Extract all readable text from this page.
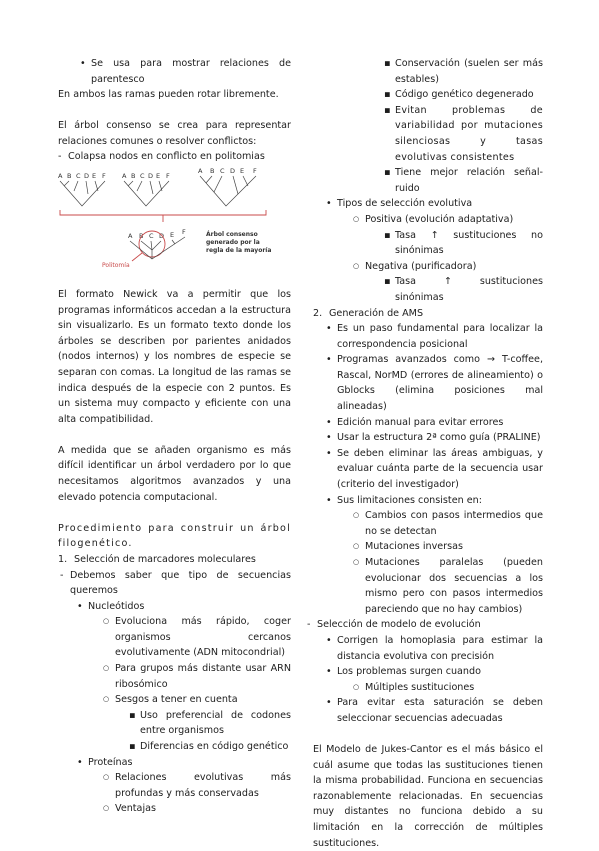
• Se usa para mostrar relaciones de parentesco

En ambos las ramas pueden rotar libremente.

El árbol consenso se crea para representar relaciones comunes o resolver conflictos:

- Colapsa nodos en conflicto en politomias
A B C D E F	A B C D E F
A B C D E F
A B C D E F	Árbol consenso
generado por la
regla de la mayoría
Politomía

El formato Newick va a permitir que los programas informáticos accedan a la estructura sin visualizarlo. Es un formato texto donde los árboles se describen por parientes anidados (nodos internos) y los nombres de especie se separan con comas. La longitud de las ramas se indica después de la especie con 2 puntos. Es un sistema muy compacto y eficiente con una alta compatibilidad.

A medida que se añaden organismo es más difícil identificar un árbol verdadero por lo que necesitamos algoritmos avanzados y una elevado potencia computacional.

Procedimiento para construir un árbol filogenético.

1. Selección de marcadores moleculares
- Debemos saber que tipo de secuencias queremos
• Nucleótidos
○ Evoluciona más rápido, coger organismos cercanos evolutivamente (ADN mitocondrial)
○ Para grupos más distante usar ARN ribosómico
○ Sesgos a tener en cuenta
▪ Uso preferencial de codones entre organismos
▪ Diferencias en código genético
• Proteínas
○ Relaciones evolutivas más profundas y más conservadas
○ Ventajas
▪ Conservación (suelen ser más estables)
▪ Código genético degenerado
▪ Evitan problemas de variabilidad por mutaciones silenciosas y tasas evolutivas consistentes
▪ Tiene mejor relación señal-ruido
• Tipos de selección evolutiva
○ Positiva (evolución adaptativa)
▪ Tasa ↑ sustituciones no sinónimas
○ Negativa (purificadora)
▪ Tasa ↑ sustituciones sinónimas
2. Generación de AMS
• Es un paso fundamental para localizar la correspondencia posicional
• Programas avanzados como → T-coffee, Rascal, NorMD (errores de alineamiento) o Gblocks (elimina posiciones mal alineadas)
• Edición manual para evitar errores
• Usar la estructura 2ª como guía (PRALINE)
• Se deben eliminar las áreas ambiguas, y evaluar cuánta parte de la secuencia usar (criterio del investigador)
• Sus limitaciones consisten en:
○ Cambios con pasos intermedios que no se detectan
○ Mutaciones inversas
○ Mutaciones paralelas (pueden evolucionar dos secuencias a los mismo pero con pasos intermedios pareciendo que no hay cambios)
- Selección de modelo de evolución
• Corrigen la homoplasia para estimar la distancia evolutiva con precisión
• Los problemas surgen cuando
○ Múltiples sustituciones
• Para evitar esta saturación se deben seleccionar secuencias adecuadas

El Modelo de Jukes-Cantor es el más básico el cuál asume que todas las sustituciones tienen la misma probabilidad. Funciona en secuencias razonablemente relacionadas. En secuencias muy distantes no funciona debido a su limitación en la corrección de múltiples sustituciones.
